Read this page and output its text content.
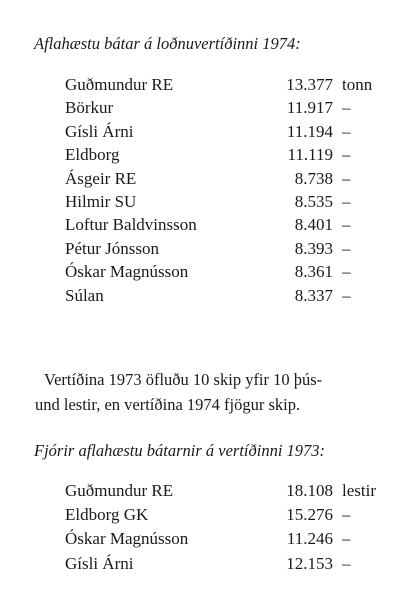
Aflahæstu bátar á loðnuvertíðinni 1974:
Guðmundur RE	13.377 tonn
Börkur	11.917 –
Gísli Árni	11.194 –
Eldborg	11.119 –
Ásgeir RE	8.738 –
Hilmir SU	8.535 –
Loftur Baldvinsson	8.401 –
Pétur Jónsson	8.393 –
Óskar Magnússon	8.361 –
Súlan	8.337 –
Vertíðina 1973 öfluðu 10 skip yfir 10 þús-
und lestir, en vertíðina 1974 fjögur skip.
Fjórir aflahæstu bátarnir á vertíðinni 1973:
Guðmundur RE	18.108 lestir
Eldborg GK	15.276 –
Óskar Magnússon	11.246 –
Gísli Árni	12.153 –
